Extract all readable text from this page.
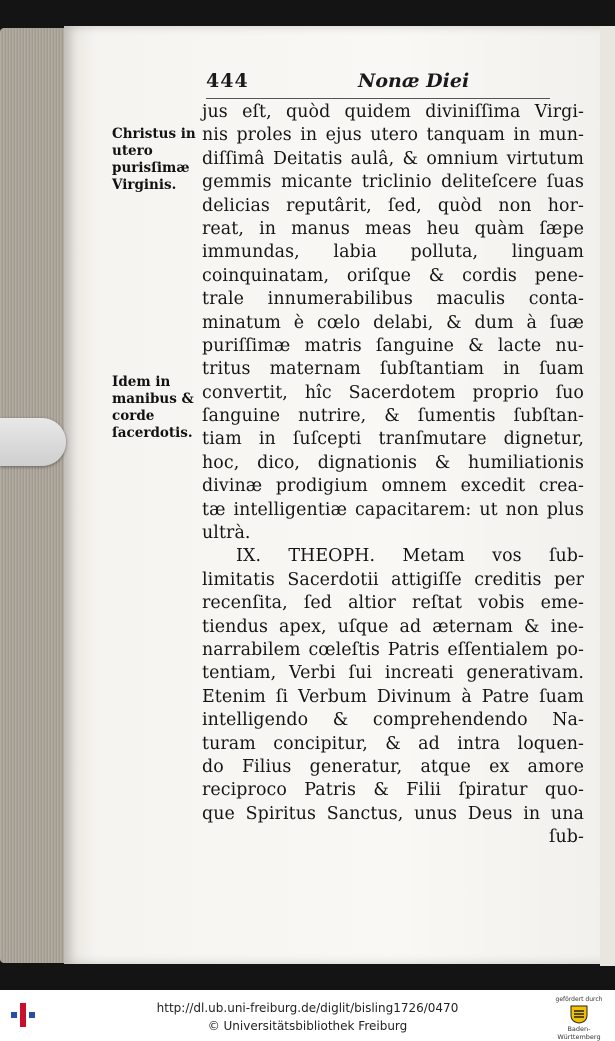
444	Nonæ Diei
Christus in utero purisſimæ Virginis.
Idem in manibus & corde ſacerdotis.
jus eſt, quòd quidem diviniſſima Virgi-
nis proles in ejus utero tanquam in mun-
diſſimâ Deitatis aulâ, & omnium virtutum
gemmis micante triclinio deliteſcere ſuas
delicias reputârit, ſed, quòd non hor-
reat, in manus meas heu quàm ſæpe
immundas, labia polluta, linguam
coinquinatam, oriſque & cordis pene-
trale innumerabilibus maculis conta-
minatum è cœlo delabi, & dum à ſuæ
puriſſimæ matris ſanguine & lacte nu-
tritus maternam ſubſtantiam in ſuam
convertit, hîc Sacerdotem proprio ſuo
ſanguine nutrire, & ſumentis ſubſtan-
tiam in ſuſcepti tranſmutare dignetur,
hoc, dico, dignationis & humiliationis
divinæ prodigium omnem excedit crea-
tæ intelligentiæ capacitarem: ut non plus
ultrà.
IX. THEOPH. Metam vos ſub-
limitatis Sacerdotii attigiſſe creditis per
recenſita, ſed altior reſtat vobis eme-
tiendus apex, uſque ad æternam & ine-
narrabilem cœleſtis Patris eſſentialem po-
tentiam, Verbi ſui increati generativam.
Etenim ſi Verbum Divinum à Patre ſuam
intelligendo & comprehendendo Na-
turam concipitur, & ad intra loquen-
do Filius generatur, atque ex amore
reciproco Patris & Filii ſpiratur quo-
que Spiritus Sanctus, unus Deus in una
ſub-
http://dl.ub.uni-freiburg.de/diglit/bisling1726/0470
© Universitätsbibliothek Freiburg
gefördert durch
Baden-Württemberg
